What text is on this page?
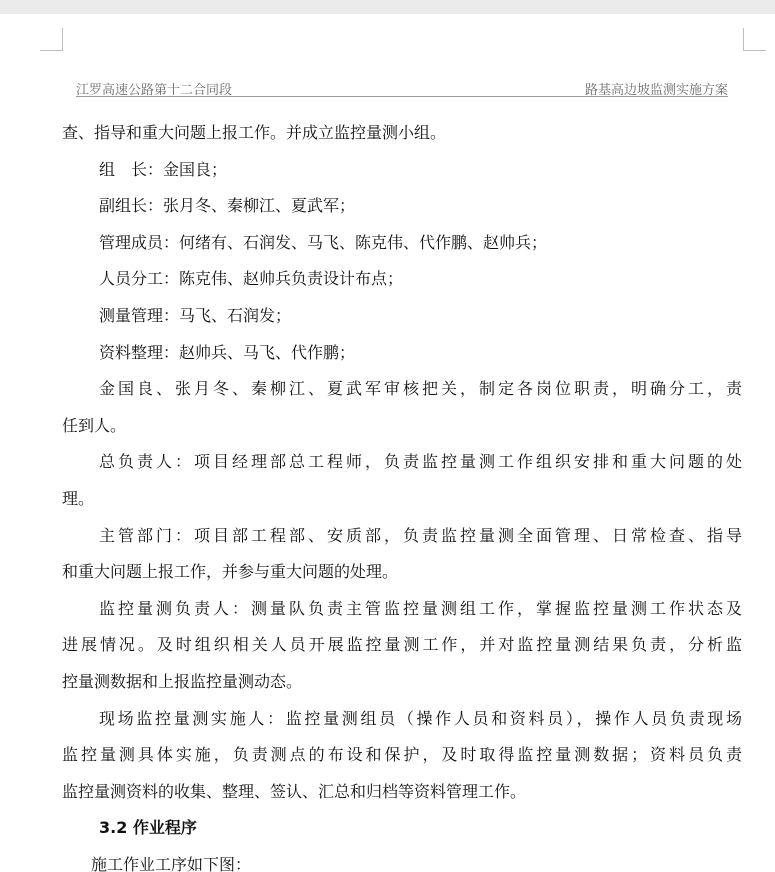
江罗高速公路第十二合同段	路基高边坡监测实施方案
查、指导和重大问题上报工作。并成立监控量测小组。
组　长：金国良；
副组长：张月冬、秦柳江、夏武军；
管理成员：何绪有、石润发、马飞、陈克伟、代作鹏、赵帅兵；
人员分工：陈克伟、赵帅兵负责设计布点；
测量管理：马飞、石润发；
资料整理：赵帅兵、马飞、代作鹏；
金国良、张月冬、秦柳江、夏武军审核把关，制定各岗位职责，明确分工，责
任到人。
总负责人：项目经理部总工程师，负责监控量测工作组织安排和重大问题的处
理。
主管部门：项目部工程部、安质部，负责监控量测全面管理、日常检查、指导
和重大问题上报工作，并参与重大问题的处理。
监控量测负责人：测量队负责主管监控量测组工作，掌握监控量测工作状态及
进展情况。及时组织相关人员开展监控量测工作，并对监控量测结果负责，分析监
控量测数据和上报监控量测动态。
现场监控量测实施人：监控量测组员（操作人员和资料员），操作人员负责现场
监控量测具体实施，负责测点的布设和保护，及时取得监控量测数据；资料员负责
监控量测资料的收集、整理、签认、汇总和归档等资料管理工作。
3.2 作业程序
施工作业工序如下图：
